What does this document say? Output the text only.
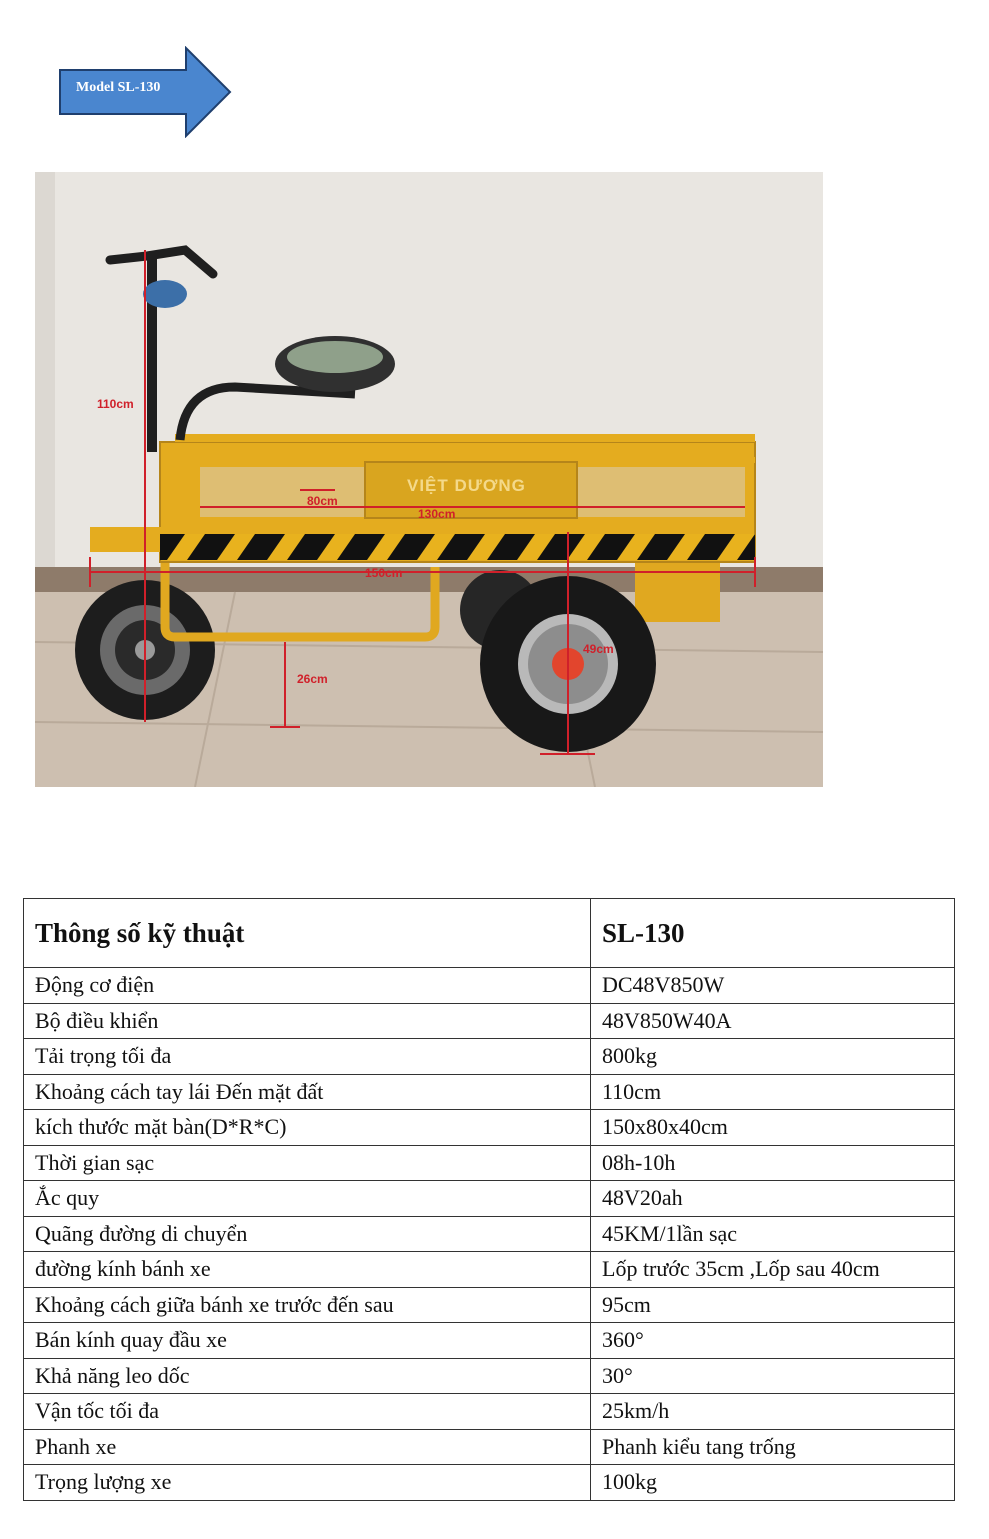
Model SL-130
VIỆT DƯƠNG
110cm
80cm
130cm
150cm
26cm
49cm
Thông số kỹ thuật	SL-130
Động cơ điện	DC48V850W
Bộ điều khiển	48V850W40A
Tải trọng tối đa	800kg
Khoảng cách tay lái Đến mặt đất	110cm
kích thước mặt bàn(D*R*C)	150x80x40cm
Thời gian sạc	08h-10h
Ắc quy	48V20ah
Quãng đường di chuyển	45KM/1lần sạc
đường kính bánh xe	Lốp trước 35cm ,Lốp sau 40cm
Khoảng cách giữa bánh xe trước đến sau	95cm
Bán kính quay đầu xe	360°
Khả năng leo dốc	30°
Vận tốc tối đa	25km/h
Phanh xe	Phanh kiểu tang trống
Trọng lượng xe	100kg
